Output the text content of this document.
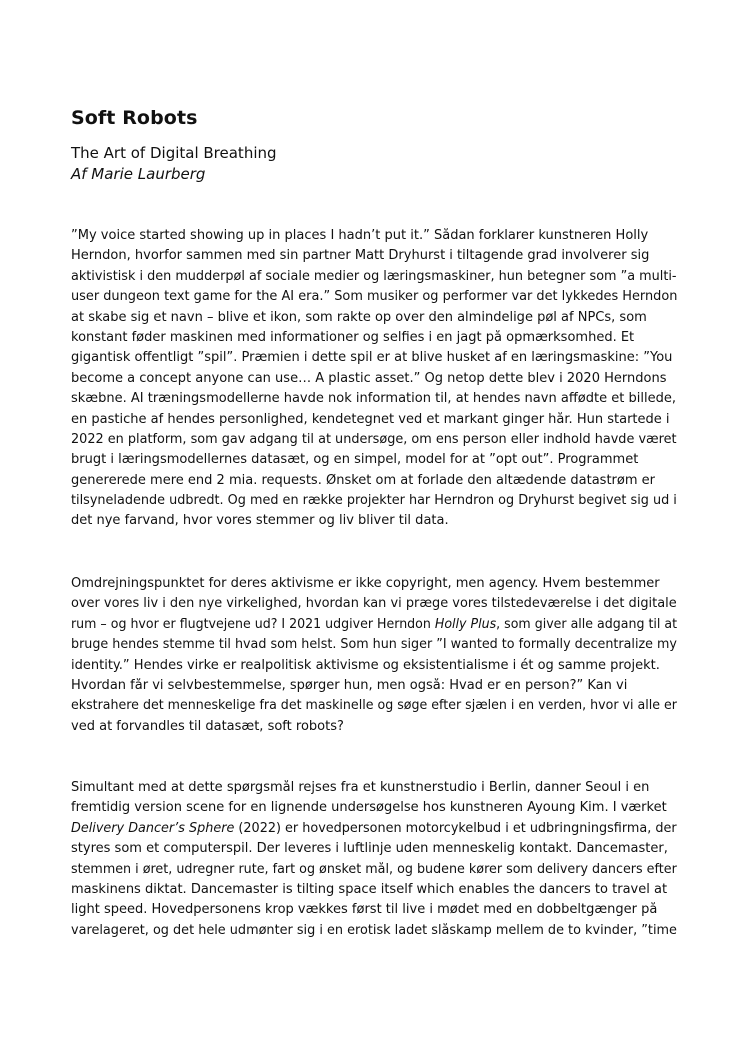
Soft Robots
The Art of Digital Breathing
Af Marie Laurberg
”My voice started showing up in places I hadn’t put it.” Sådan forklarer kunstneren Holly
Herndon, hvorfor sammen med sin partner Matt Dryhurst i tiltagende grad involverer sig
aktivistisk i den mudderpøl af sociale medier og læringsmaskiner, hun betegner som ”a multi-
user dungeon text game for the AI era.” Som musiker og performer var det lykkedes Herndon
at skabe sig et navn – blive et ikon, som rakte op over den almindelige pøl af NPCs, som
konstant føder maskinen med informationer og selfies i en jagt på opmærksomhed. Et
gigantisk offentligt ”spil”. Præmien i dette spil er at blive husket af en læringsmaskine: ”You
become a concept anyone can use… A plastic asset.” Og netop dette blev i 2020 Herndons
skæbne. AI træningsmodellerne havde nok information til, at hendes navn affødte et billede,
en pastiche af hendes personlighed, kendetegnet ved et markant ginger hår. Hun startede i
2022 en platform, som gav adgang til at undersøge, om ens person eller indhold havde været
brugt i læringsmodellernes datasæt, og en simpel, model for at ”opt out”. Programmet
genererede mere end 2 mia. requests. Ønsket om at forlade den altædende datastrøm er
tilsyneladende udbredt. Og med en række projekter har Herndron og Dryhurst begivet sig ud i
det nye farvand, hvor vores stemmer og liv bliver til data.
Omdrejningspunktet for deres aktivisme er ikke copyright, men agency. Hvem bestemmer
over vores liv i den nye virkelighed, hvordan kan vi præge vores tilstedeværelse i det digitale
rum – og hvor er flugtvejene ud? I 2021 udgiver Herndon Holly Plus, som giver alle adgang til at
bruge hendes stemme til hvad som helst. Som hun siger ”I wanted to formally decentralize my
identity.” Hendes virke er realpolitisk aktivisme og eksistentialisme i ét og samme projekt.
Hvordan får vi selvbestemmelse, spørger hun, men også: Hvad er en person?” Kan vi
ekstrahere det menneskelige fra det maskinelle og søge efter sjælen i en verden, hvor vi alle er
ved at forvandles til datasæt, soft robots?
Simultant med at dette spørgsmål rejses fra et kunstnerstudio i Berlin, danner Seoul i en
fremtidig version scene for en lignende undersøgelse hos kunstneren Ayoung Kim. I værket
Delivery Dancer’s Sphere (2022) er hovedpersonen motorcykelbud i et udbringningsfirma, der
styres som et computerspil. Der leveres i luftlinje uden menneskelig kontakt. Dancemaster,
stemmen i øret, udregner rute, fart og ønsket mål, og budene kører som delivery dancers efter
maskinens diktat. Dancemaster is tilting space itself which enables the dancers to travel at
light speed. Hovedpersonens krop vækkes først til live i mødet med en dobbeltgænger på
varelageret, og det hele udmønter sig i en erotisk ladet slåskamp mellem de to kvinder, ”time
